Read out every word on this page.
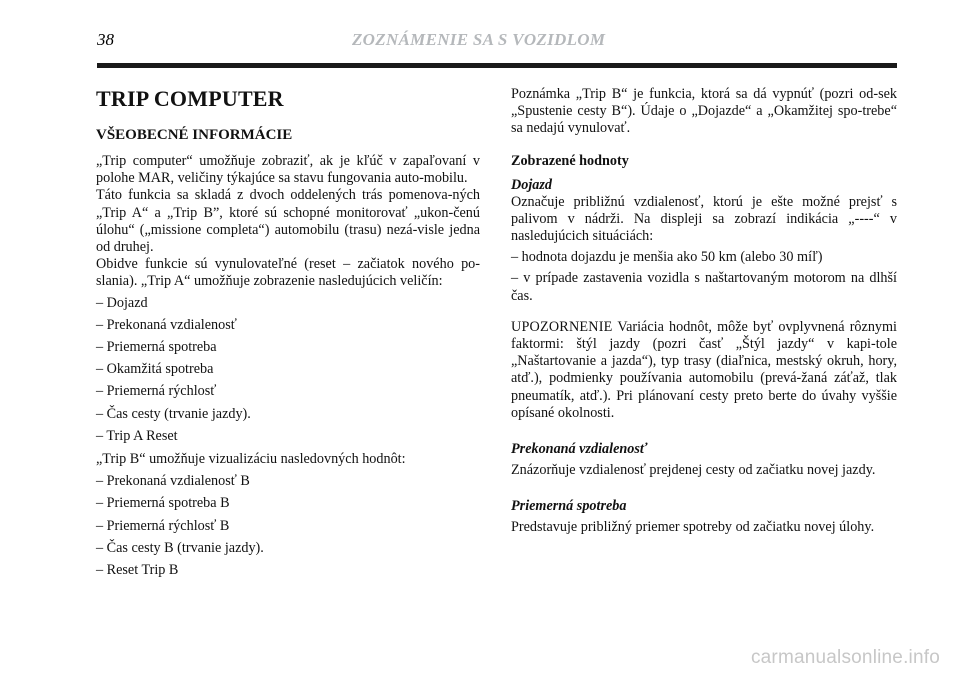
38	ZOZNÁMENIE SA S VOZIDLOM
TRIP COMPUTER
VŠEOBECNÉ INFORMÁCIE

„Trip computer“ umožňuje zobraziť, ak je kľúč v zapaľovaní v polohe MAR, veličiny týkajúce sa stavu fungovania auto-mobilu.

Táto funkcia sa skladá z dvoch oddelených trás pomenova-ných „Trip A“ a „Trip B”, ktoré sú schopné monitorovať „ukon-čenú úlohu“ („missione completa“) automobilu (trasu) nezá-visle jedna od druhej.

Obidve funkcie sú vynulovateľné (reset – začiatok nového po-slania). „Trip A“ umožňuje zobrazenie nasledujúcich veličín:

– Dojazd
– Prekonaná vzdialenosť
– Priemerná spotreba
– Okamžitá spotreba
– Priemerná rýchlosť
– Čas cesty (trvanie jazdy).
– Trip A Reset

„Trip B“ umožňuje vizualizáciu nasledovných hodnôt:

– Prekonaná vzdialenosť B
– Priemerná spotreba B
– Priemerná rýchlosť B
– Čas cesty B (trvanie jazdy).
– Reset Trip B

Poznámka „Trip B“ je funkcia, ktorá sa dá vypnúť (pozri od-sek „Spustenie cesty B“). Údaje o „Dojazde“ a „Okamžitej spo-trebe“ sa nedajú vynulovať.

Zobrazené hodnoty
Dojazd

Označuje približnú vzdialenosť, ktorú je ešte možné prejsť s palivom v nádrži. Na displeji sa zobrazí indikácia „----“ v nasledujúcich situáciách:

– hodnota dojazdu je menšia ako 50 km (alebo 30 míľ)

– v prípade zastavenia vozidla s naštartovaným motorom na dlhší čas.

UPOZORNENIE Variácia hodnôt, môže byť ovplyvnená rôznymi faktormi: štýl jazdy (pozri časť „Štýl jazdy“ v kapi-tole „Naštartovanie a jazda“), typ trasy (diaľnica, mestský okruh, hory, atď.), podmienky používania automobilu (prevá-žaná záťaž, tlak pneumatík, atď.). Pri plánovaní cesty preto berte do úvahy vyššie opísané okolnosti.

Prekonaná vzdialenosť

Znázorňuje vzdialenosť prejdenej cesty od začiatku novej jazdy.

Priemerná spotreba

Predstavuje približný priemer spotreby od začiatku novej úlohy.

carmanualsonline.info
